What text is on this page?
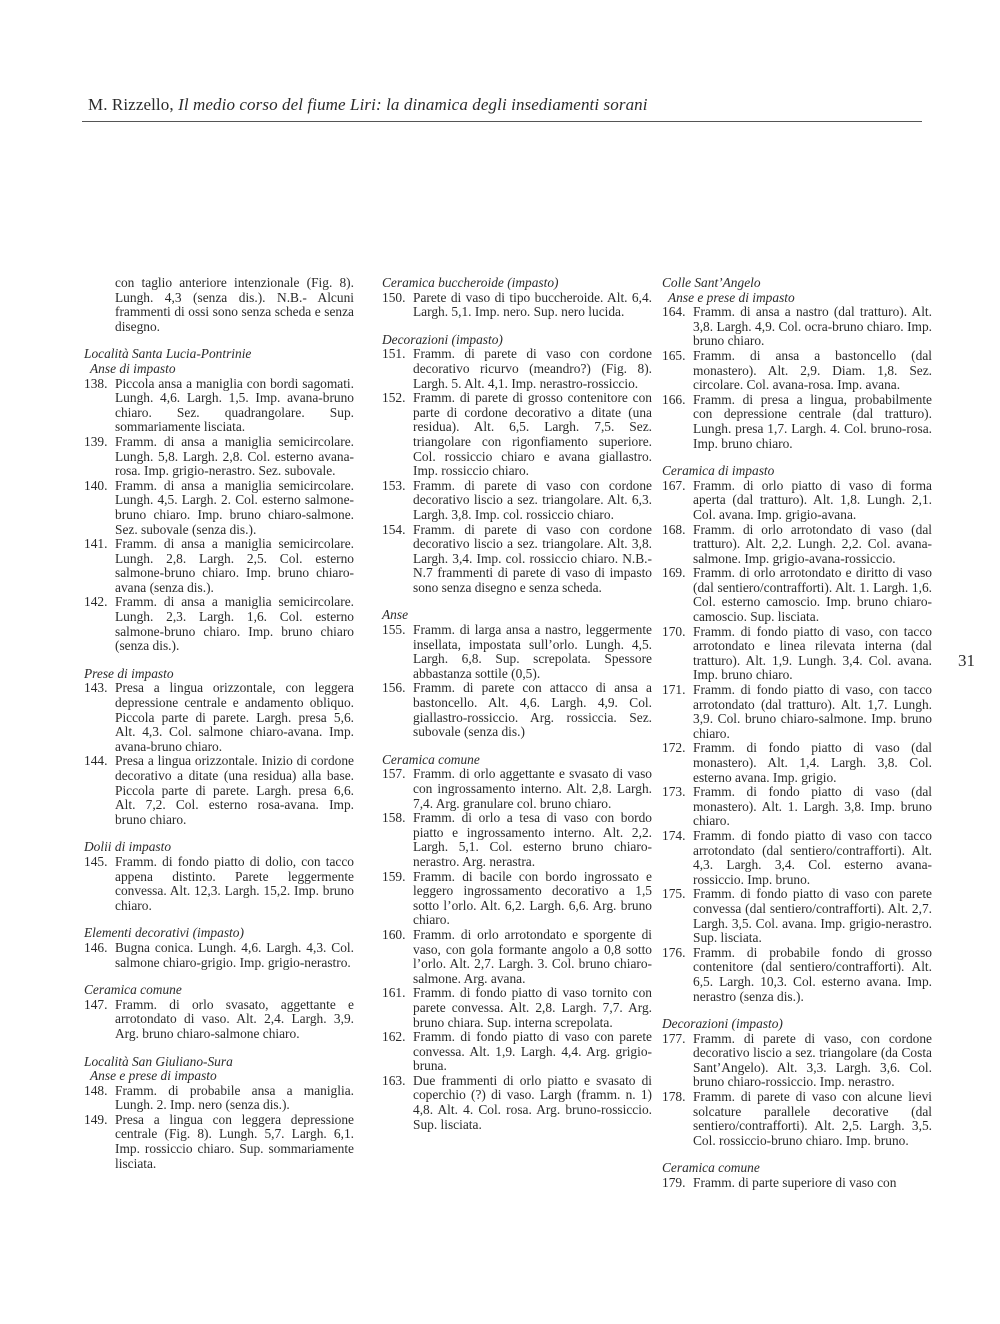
M. Rizzello, Il medio corso del fiume Liri: la dinamica degli insediamenti sorani
31

con taglio anteriore intenzionale (Fig. 8). Lungh. 4,3 (senza dis.). N.B.- Alcuni frammenti di ossi sono senza scheda e senza disegno.

Località Santa Lucia-Pontrinie

Anse di impasto

138. Piccola ansa a maniglia con bordi sagomati. Lungh. 4,6. Largh. 1,5. Imp. avana-bruno chiaro. Sez. quadrangolare. Sup. sommariamente lisciata.
139. Framm. di ansa a maniglia semicircolare. Lungh. 5,8. Largh. 2,8. Col. esterno avana-rosa. Imp. grigio-nerastro. Sez. subovale.
140. Framm. di ansa a maniglia semicircolare. Lungh. 4,5. Largh. 2. Col. esterno salmone-bruno chiaro. Imp. bruno chiaro-salmone. Sez. subovale (senza dis.).
141. Framm. di ansa a maniglia semicircolare. Lungh. 2,8. Largh. 2,5. Col. esterno salmone-bruno chiaro. Imp. bruno chiaro-avana (senza dis.).
142. Framm. di ansa a maniglia semicircolare. Lungh. 2,3. Largh. 1,6. Col. esterno salmone-bruno chiaro. Imp. bruno chiaro (senza dis.).

Prese di impasto

143. Presa a lingua orizzontale, con leggera depressione centrale e andamento obliquo. Piccola parte di parete. Largh. presa 5,6. Alt. 4,3. Col. salmone chiaro-avana. Imp. avana-bruno chiaro.
144. Presa a lingua orizzontale. Inizio di cordone decorativo a ditate (una residua) alla base. Piccola parte di parete. Largh. presa 6,6. Alt. 7,2. Col. esterno rosa-avana. Imp. bruno chiaro.

Dolii di impasto

145. Framm. di fondo piatto di dolio, con tacco appena distinto. Parete leggermente convessa. Alt. 12,3. Largh. 15,2. Imp. bruno chiaro.

Elementi decorativi (impasto)

146. Bugna conica. Lungh. 4,6. Largh. 4,3. Col. salmone chiaro-grigio. Imp. grigio-nerastro.

Ceramica comune

147. Framm. di orlo svasato, aggettante e arrotondato di vaso. Alt. 2,4. Largh. 3,9. Arg. bruno chiaro-salmone chiaro.

Località San Giuliano-Sura

Anse e prese di impasto

148. Framm. di probabile ansa a maniglia. Lungh. 2. Imp. nero (senza dis.).
149. Presa a lingua con leggera depressione centrale (Fig. 8). Lungh. 5,7. Largh. 6,1. Imp. rossiccio chiaro. Sup. sommariamente lisciata.

Ceramica buccheroide (impasto)

150. Parete di vaso di tipo buccheroide. Alt. 6,4. Largh. 5,1. Imp. nero. Sup. nero lucida.

Decorazioni (impasto)

151. Framm. di parete di vaso con cordone decorativo ricurvo (meandro?) (Fig. 8). Largh. 5. Alt. 4,1. Imp. nerastro-rossiccio.
152. Framm. di parete di grosso contenitore con parte di cordone decorativo a ditate (una residua). Alt. 6,5. Largh. 7,5. Sez. triangolare con rigonfiamento superiore. Col. rossiccio chiaro e avana giallastro. Imp. rossiccio chiaro.
153. Framm. di parete di vaso con cordone decorativo liscio a sez. triangolare. Alt. 6,3. Largh. 3,8. Imp. col. rossiccio chiaro.
154. Framm. di parete di vaso con cordone decorativo liscio a sez. triangolare. Alt. 3,8. Largh. 3,4. Imp. col. rossiccio chiaro. N.B.- N.7 frammenti di parete di vaso di impasto sono senza disegno e senza scheda.

Anse

155. Framm. di larga ansa a nastro, leggermente insellata, impostata sull’orlo. Lungh. 4,5. Largh. 6,8. Sup. screpolata. Spessore abbastanza sottile (0,5).
156. Framm. di parete con attacco di ansa a bastoncello. Alt. 4,6. Largh. 4,9. Col. giallastro-rossiccio. Arg. rossiccia. Sez. subovale (senza dis.)

Ceramica comune

157. Framm. di orlo aggettante e svasato di vaso con ingrossamento interno. Alt. 2,8. Largh. 7,4. Arg. granulare col. bruno chiaro.
158. Framm. di orlo a tesa di vaso con bordo piatto e ingrossamento interno. Alt. 2,2. Largh. 5,1. Col. esterno bruno chiaro-nerastro. Arg. nerastra.
159. Framm. di bacile con bordo ingrossato e leggero ingrossamento decorativo a 1,5 sotto l’orlo. Alt. 6,2. Largh. 6,6. Arg. bruno chiaro.
160. Framm. di orlo arrotondato e sporgente di vaso, con gola formante angolo a 0,8 sotto l’orlo. Alt. 2,7. Largh. 3. Col. bruno chiaro-salmone. Arg. avana.
161. Framm. di fondo piatto di vaso tornito con parete convessa. Alt. 2,8. Largh. 7,7. Arg. bruno chiara. Sup. interna screpolata.
162. Framm. di fondo piatto di vaso con parete convessa. Alt. 1,9. Largh. 4,4. Arg. grigio-bruna.
163. Due frammenti di orlo piatto e svasato di coperchio (?) di vaso. Largh (framm. n. 1) 4,8. Alt. 4. Col. rosa. Arg. bruno-rossiccio. Sup. lisciata.

Colle Sant’Angelo

Anse e prese di impasto

164. Framm. di ansa a nastro (dal tratturo). Alt. 3,8. Largh. 4,9. Col. ocra-bruno chiaro. Imp. bruno chiaro.
165. Framm. di ansa a bastoncello (dal monastero). Alt. 2,9. Diam. 1,8. Sez. circolare. Col. avana-rosa. Imp. avana.
166. Framm. di presa a lingua, probabilmente con depressione centrale (dal tratturo). Lungh. presa 1,7. Largh. 4. Col. bruno-rosa. Imp. bruno chiaro.

Ceramica di impasto

167. Framm. di orlo piatto di vaso di forma aperta (dal tratturo). Alt. 1,8. Lungh. 2,1. Col. avana. Imp. grigio-avana.
168. Framm. di orlo arrotondato di vaso (dal tratturo). Alt. 2,2. Lungh. 2,2. Col. avana-salmone. Imp. grigio-avana-rossiccio.
169. Framm. di orlo arrotondato e diritto di vaso (dal sentiero/contrafforti). Alt. 1. Largh. 1,6. Col. esterno camoscio. Imp. bruno chiaro-camoscio. Sup. lisciata.
170. Framm. di fondo piatto di vaso, con tacco arrotondato e linea rilevata interna (dal tratturo). Alt. 1,9. Lungh. 3,4. Col. avana. Imp. bruno chiaro.
171. Framm. di fondo piatto di vaso, con tacco arrotondato (dal tratturo). Alt. 1,7. Lungh. 3,9. Col. bruno chiaro-salmone. Imp. bruno chiaro.
172. Framm. di fondo piatto di vaso (dal monastero). Alt. 1,4. Largh. 3,8. Col. esterno avana. Imp. grigio.
173. Framm. di fondo piatto di vaso (dal monastero). Alt. 1. Largh. 3,8. Imp. bruno chiaro.
174. Framm. di fondo piatto di vaso con tacco arrotondato (dal sentiero/contrafforti). Alt. 4,3. Largh. 3,4. Col. esterno avana-rossiccio. Imp. bruno.
175. Framm. di fondo piatto di vaso con parete convessa (dal sentiero/contrafforti). Alt. 2,7. Largh. 3,5. Col. avana. Imp. grigio-nerastro. Sup. lisciata.
176. Framm. di probabile fondo di grosso contenitore (dal sentiero/contrafforti). Alt. 6,5. Largh. 10,3. Col. esterno avana. Imp. nerastro (senza dis.).

Decorazioni (impasto)

177. Framm. di parete di vaso, con cordone decorativo liscio a sez. triangolare (da Costa Sant’Angelo). Alt. 3,3. Largh. 3,6. Col. bruno chiaro-rossiccio. Imp. nerastro.
178. Framm. di parete di vaso con alcune lievi solcature parallele decorative (dal sentiero/contrafforti). Alt. 2,5. Largh. 3,5. Col. rossiccio-bruno chiaro. Imp. bruno.

Ceramica comune

179. Framm. di parte superiore di vaso con
